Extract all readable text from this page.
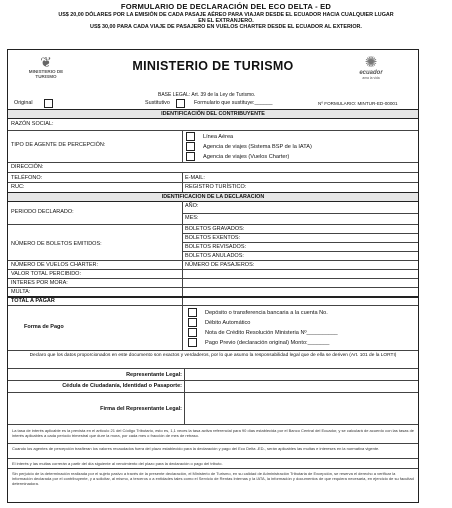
FORMULARIO DE DECLARACIÓN DEL ECO DELTA - ED
US$ 20,00 DÓLARES POR LA EMISIÓN DE CADA PASAJE AÉREO PARA VIAJAR DESDE EL ECUADOR HACIA CUALQUIER LUGAR
EN EL EXTRANJERO.
US$ 30,00 PARA CADA VIAJE DE PASAJERO EN VUELOS CHARTER DESDE EL ECUADOR AL EXTERIOR.
❦
MINISTERIO DE TURISMO
MINISTERIO DE TURISMO	✺
ecuador
ama la vida
BASE LEGAL: Art. 39 de la Ley de Turismo.
Original	Sustitutivo	Formulario que sustituye:______	Nº FORMULARIO: MINTUR-ED-00001
IDENTIFICACIÓN DEL CONTRIBUYENTE
RAZÓN SOCIAL:
TIPO DE AGENTE DE PERCEPCIÓN:
Línea Aérea
Agencia de viajes (Sistema BSP de la IATA)
Agencia de viajes (Vuelos Charter)
DIRECCIÓN:
TELÉFONO:	E-MAIL:
RUC:	REGISTRO TURÍSTICO:
IDENTIFICACION DE LA DECLARACION
AÑO:
PERIODO DECLARADO:
MES:
NÚMERO DE BOLETOS EMITIDOS:
BOLETOS GRAVADOS:
BOLETOS EXENTOS:
BOLETOS REVISADOS:
BOLETOS ANULADOS:
NÚMERO DE VUELOS CHARTER:	NÚMERO DE PASAJEROS:
VALOR TOTAL PERCIBIDO:
INTERES POR MORA:
MULTA:
TOTAL A PAGAR
Forma de Pago
Depósito o transferencia bancaria a la cuenta No.
Débito Automático
Nota de Crédito Resolución Ministeria Nº__________
Pago Previo (declaración original) Monto:_______
Declaro que los datos proporcionados en este documento son exactos y verdaderos, por lo que asumo la responsabilidad legal que de ella se deriven (Art. 101 de la LORTI)
Representante Legal:
Cédula de Ciudadanía, Identidad o Pasaporte:
Firma del Representante Legal:
La tasa de interés aplicable es la prevista en el artículo 21 del Código Tributario, esto es, 1,1 veces la tasa activa referencial para 90 días establecida por el Banco Central del Ecuador, y se calculará de acuerdo con las tasas de interés aplicables a cada período trimestral que dure la mora, por cada mes o fracción de mes de retraso.
Cuando los agentes de percepción trasfieran los valores recaudados fuera del plazo establecido para la declaración y pago del Eco Delta -ED-, serán aplicables las multas e intereses en la normativa vigente.
El interés y las multas correrán a partir del día siguiente al vencimiento del plazo para la declaración o pago del tributo.
Sin perjuicio de la determinación realizada por el sujeto pasivo a través de la presente declaración, el Ministerio de Turismo, en su calidad de Administración Tributaria de Excepción, se reserva el derecho a verificar la información declarada por el contribuyente, y a solicitar, al mismo, a terceros o a entidades tales como el Servicio de Rentas Internas y la IATA, la información y documentos de que requiera necesaria, en ejercicio de su facultad determinadora.
